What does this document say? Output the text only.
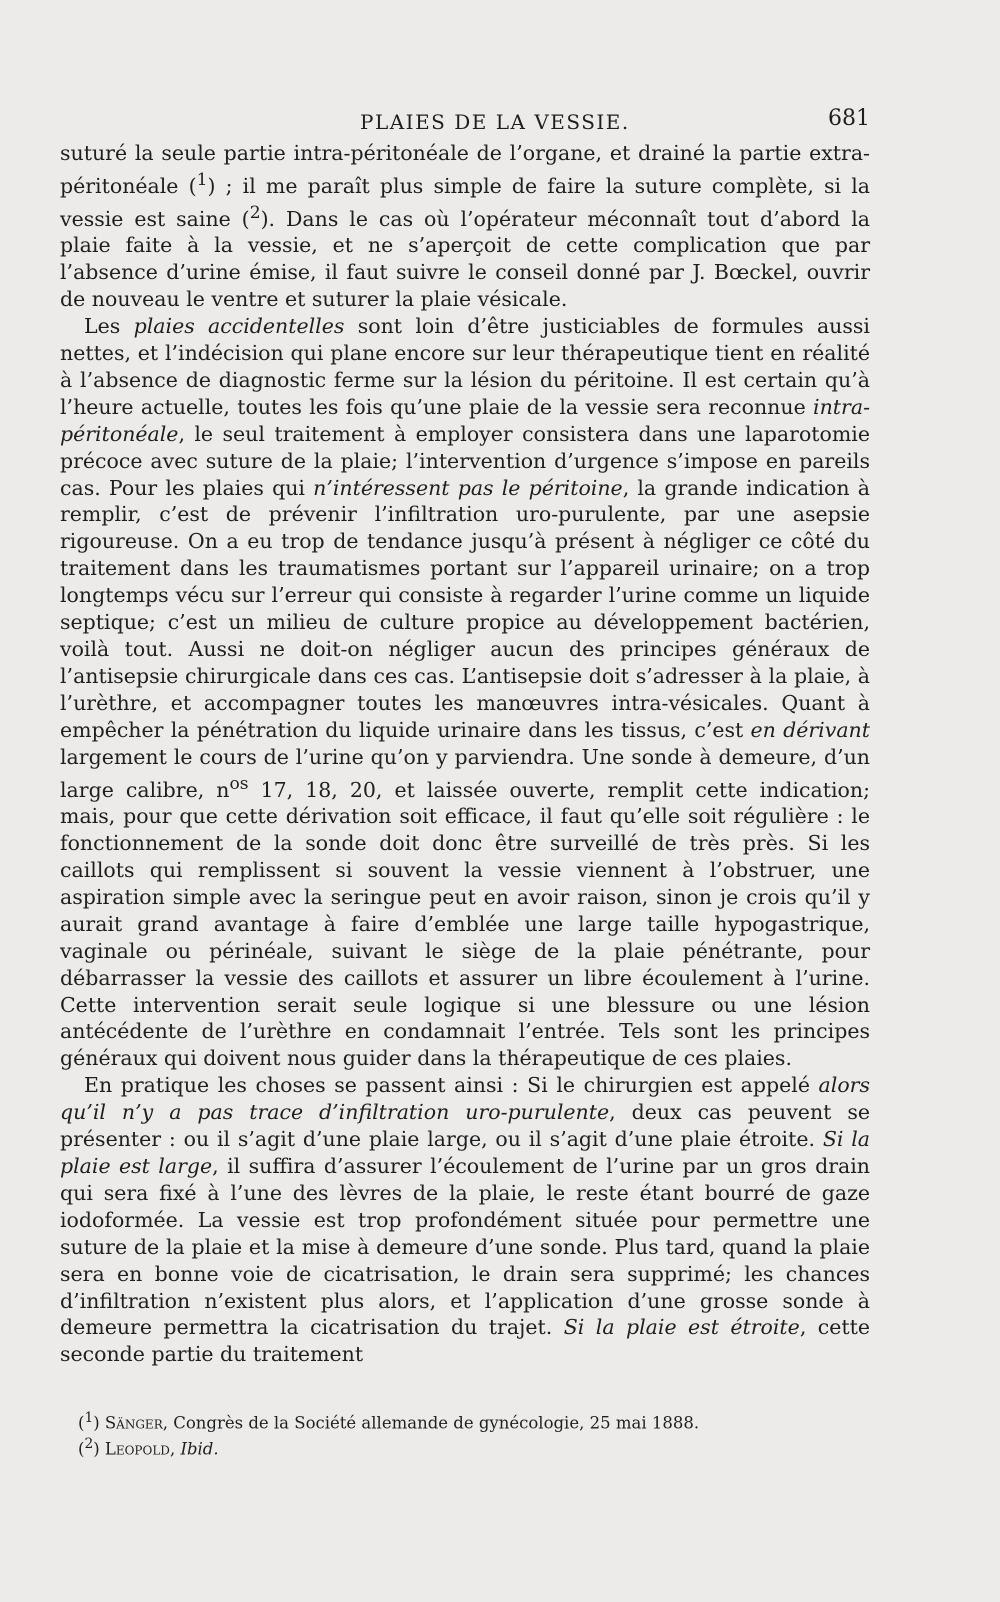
PLAIES DE LA VESSIE.	681

suturé la seule partie intra-péritonéale de l’organe, et drainé la partie extra-péritonéale ($^1$) ; il me paraît plus simple de faire la suture complète, si la vessie est saine ($^2$). Dans le cas où l’opérateur méconnaît tout d’abord la plaie faite à la vessie, et ne s’aperçoit de cette complication que par l’absence d’urine émise, il faut suivre le conseil donné par J. Bœckel, ouvrir de nouveau le ventre et suturer la plaie vésicale.

Les plaies accidentelles sont loin d’être justiciables de formules aussi nettes, et l’indécision qui plane encore sur leur thérapeutique tient en réalité à l’absence de diagnostic ferme sur la lésion du péritoine. Il est certain qu’à l’heure actuelle, toutes les fois qu’une plaie de la vessie sera reconnue intra-péritonéale, le seul traitement à employer consistera dans une laparotomie précoce avec suture de la plaie; l’intervention d’urgence s’impose en pareils cas. Pour les plaies qui n’intéressent pas le péritoine, la grande indication à remplir, c’est de prévenir l’infiltration uro-purulente, par une asepsie rigoureuse. On a eu trop de tendance jusqu’à présent à négliger ce côté du traitement dans les traumatismes portant sur l’appareil urinaire; on a trop longtemps vécu sur l’erreur qui consiste à regarder l’urine comme un liquide septique; c’est un milieu de culture propice au développement bactérien, voilà tout. Aussi ne doit-on négliger aucun des principes généraux de l’antisepsie chirurgicale dans ces cas. L’antisepsie doit s’adresser à la plaie, à l’urèthre, et accompagner toutes les manœuvres intra-vésicales. Quant à empêcher la pénétration du liquide urinaire dans les tissus, c’est en dérivant largement le cours de l’urine qu’on y parviendra. Une sonde à demeure, d’un large calibre, $n^{os}$ 17, 18, 20, et laissée ouverte, remplit cette indication; mais, pour que cette dérivation soit efficace, il faut qu’elle soit régulière : le fonctionnement de la sonde doit donc être surveillé de très près. Si les caillots qui remplissent si souvent la vessie viennent à l’obstruer, une aspiration simple avec la seringue peut en avoir raison, sinon je crois qu’il y aurait grand avantage à faire d’emblée une large taille hypogastrique, vaginale ou périnéale, suivant le siège de la plaie pénétrante, pour débarrasser la vessie des caillots et assurer un libre écoulement à l’urine. Cette intervention serait seule logique si une blessure ou une lésion antécédente de l’urèthre en condamnait l’entrée. Tels sont les principes généraux qui doivent nous guider dans la thérapeutique de ces plaies.

En pratique les choses se passent ainsi : Si le chirurgien est appelé alors qu’il n’y a pas trace d’infiltration uro-purulente, deux cas peuvent se présenter : ou il s’agit d’une plaie large, ou il s’agit d’une plaie étroite. Si la plaie est large, il suffira d’assurer l’écoulement de l’urine par un gros drain qui sera fixé à l’une des lèvres de la plaie, le reste étant bourré de gaze iodoformée. La vessie est trop profondément située pour permettre une suture de la plaie et la mise à demeure d’une sonde. Plus tard, quand la plaie sera en bonne voie de cicatrisation, le drain sera supprimé; les chances d’infiltration n’existent plus alors, et l’application d’une grosse sonde à demeure permettra la cicatrisation du trajet. Si la plaie est étroite, cette seconde partie du traitement

($^1$) Sänger, Congrès de la Société allemande de gynécologie, 25 mai 1888.

($^2$) Leopold, Ibid.
